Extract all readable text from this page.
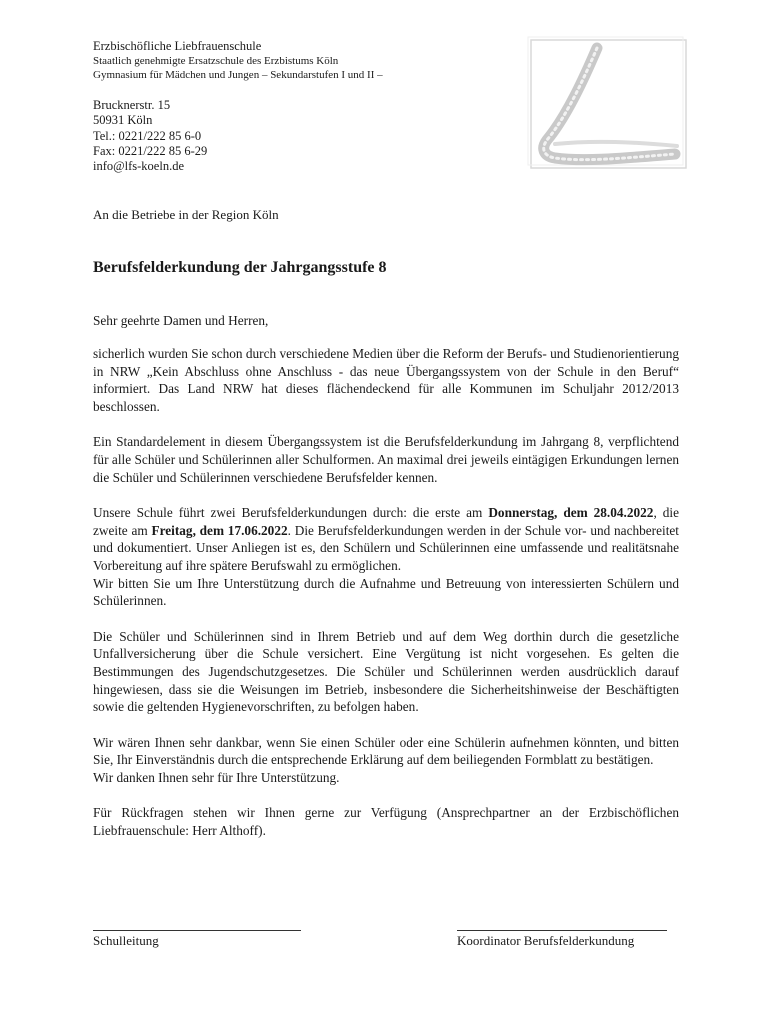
Erzbischöfliche Liebfrauenschule
Staatlich genehmigte Ersatzschule des Erzbistums Köln
Gymnasium für Mädchen und Jungen – Sekundarstufen I und II –
Brucknerstr. 15
50931 Köln
Tel.: 0221/222 85 6-0
Fax: 0221/222 85 6-29
info@lfs-koeln.de
An die Betriebe in der Region Köln
Berufsfelderkundung der Jahrgangsstufe 8
Sehr geehrte Damen und Herren,

sicherlich wurden Sie schon durch verschiedene Medien über die Reform der Berufs- und Studienorientierung in NRW „Kein Abschluss ohne Anschluss - das neue Übergangssystem von der Schule in den Beruf“ informiert. Das Land NRW hat dieses flächendeckend für alle Kommunen im Schuljahr 2012/2013 beschlossen.

Ein Standardelement in diesem Übergangssystem ist die Berufsfelderkundung im Jahrgang 8, verpflichtend für alle Schüler und Schülerinnen aller Schulformen. An maximal drei jeweils eintägigen Erkundungen lernen die Schüler und Schülerinnen verschiedene Berufsfelder kennen.

Unsere Schule führt zwei Berufsfelderkundungen durch: die erste am Donnerstag, dem 28.04.2022, die zweite am Freitag, dem 17.06.2022. Die Berufsfelderkundungen werden in der Schule vor- und nachbereitet und dokumentiert. Unser Anliegen ist es, den Schülern und Schülerinnen eine umfassende und realitätsnahe Vorbereitung auf ihre spätere Berufswahl zu ermöglichen.

Wir bitten Sie um Ihre Unterstützung durch die Aufnahme und Betreuung von interessierten Schülern und Schülerinnen.

Die Schüler und Schülerinnen sind in Ihrem Betrieb und auf dem Weg dorthin durch die gesetzliche Unfallversicherung über die Schule versichert. Eine Vergütung ist nicht vorgesehen. Es gelten die Bestimmungen des Jugendschutzgesetzes. Die Schüler und Schülerinnen werden ausdrücklich darauf hingewiesen, dass sie die Weisungen im Betrieb, insbesondere die Sicherheitshinweise der Beschäftigten sowie die geltenden Hygienevorschriften, zu befolgen haben.

Wir wären Ihnen sehr dankbar, wenn Sie einen Schüler oder eine Schülerin aufnehmen könnten, und bitten Sie, Ihr Einverständnis durch die entsprechende Erklärung auf dem beiliegenden Formblatt zu bestätigen.

Wir danken Ihnen sehr für Ihre Unterstützung.

Für Rückfragen stehen wir Ihnen gerne zur Verfügung (Ansprechpartner an der Erzbischöflichen Liebfrauenschule: Herr Althoff).

Schulleitung	Koordinator Berufsfelderkundung
